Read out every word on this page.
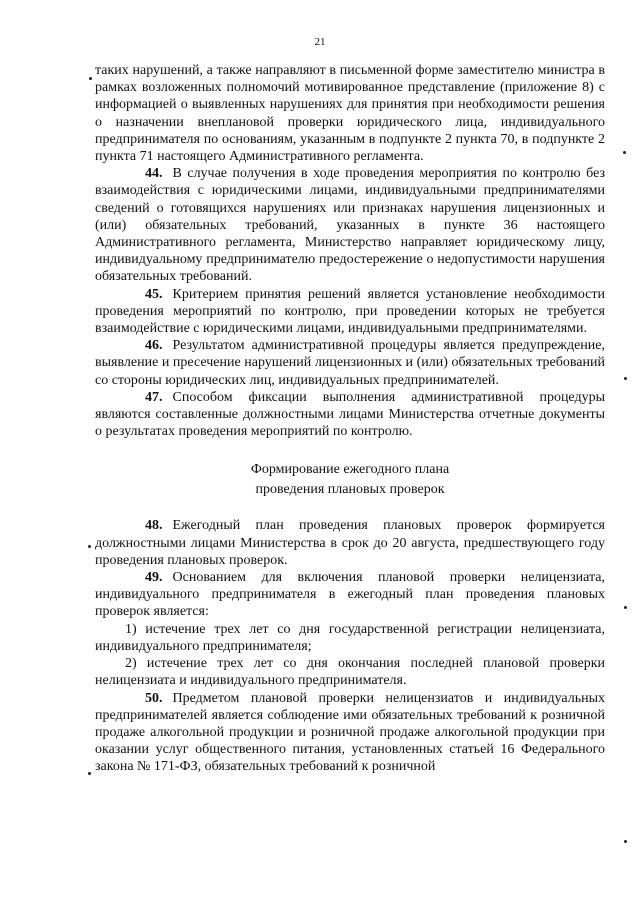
21

таких нарушений, а также направляют в письменной форме заместителю министра в рамках возложенных полномочий мотивированное представление (приложение 8) с информацией о выявленных нарушениях для принятия при необходимости решения о назначении внеплановой проверки юридического лица, индивидуального предпринимателя по основаниям, указанным в подпункте 2 пункта 70, в подпункте 2 пункта 71 настоящего Административного регламента.

44. В случае получения в ходе проведения мероприятия по контролю без взаимодействия с юридическими лицами, индивидуальными предпринимателями сведений о готовящихся нарушениях или признаках нарушения лицензионных и (или) обязательных требований, указанных в пункте 36 настоящего Административного регламента, Министерство направляет юридическому лицу, индивидуальному предпринимателю предостережение о недопустимости нарушения обязательных требований.

45. Критерием принятия решений является установление необходимости проведения мероприятий по контролю, при проведении которых не требуется взаимодействие с юридическими лицами, индивидуальными предпринимателями.

46. Результатом административной процедуры является предупреждение, выявление и пресечение нарушений лицензионных и (или) обязательных требований со стороны юридических лиц, индивидуальных предпринимателей.

47. Способом фиксации выполнения административной процедуры являются составленные должностными лицами Министерства отчетные документы о результатах проведения мероприятий по контролю.

Формирование ежегодного плана
проведения плановых проверок

48. Ежегодный план проведения плановых проверок формируется должностными лицами Министерства в срок до 20 августа, предшествующего году проведения плановых проверок.

49. Основанием для включения плановой проверки нелицензиата, индивидуального предпринимателя в ежегодный план проведения плановых проверок является:

1) истечение трех лет со дня государственной регистрации нелицензиата, индивидуального предпринимателя;

2) истечение трех лет со дня окончания последней плановой проверки нелицензиата и индивидуального предпринимателя.

50. Предметом плановой проверки нелицензиатов и индивидуальных предпринимателей является соблюдение ими обязательных требований к розничной продаже алкогольной продукции и розничной продаже алкогольной продукции при оказании услуг общественного питания, установленных статьей 16 Федерального закона № 171-ФЗ, обязательных требований к розничной
